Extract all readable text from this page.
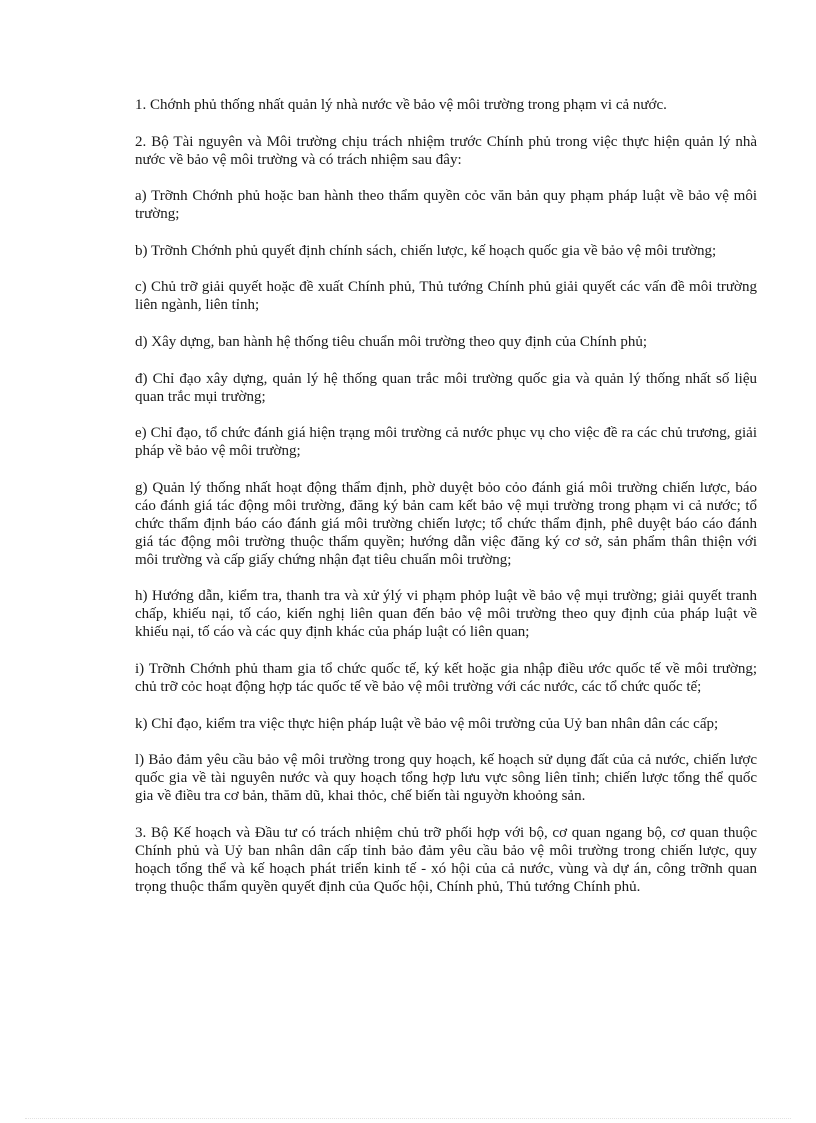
1. Chớnh phủ thống nhất quản lý nhà nước về bảo vệ môi trường trong phạm vi cả nước.

2. Bộ Tài nguyên và Môi trường chịu trách nhiệm trước Chính phủ trong việc thực hiện quản lý nhà nước về bảo vệ môi trường và có trách nhiệm sau đây:

a) Trỡnh Chớnh phủ hoặc ban hành theo thẩm quyền cỏc văn bản quy phạm pháp luật về bảo vệ môi trường;

b) Trỡnh Chớnh phủ quyết định chính sách, chiến lược, kế hoạch quốc gia về bảo vệ môi trường;

c) Chủ trỡ giải quyết hoặc đề xuất Chính phủ, Thủ tướng Chính phủ giải quyết các vấn đề môi trường liên ngành, liên tỉnh;

d) Xây dựng, ban hành hệ thống tiêu chuẩn môi trường theo quy định của Chính phủ;

đ) Chỉ đạo xây dựng, quản lý hệ thống quan trắc môi trường quốc gia và quản lý thống nhất số liệu quan trắc mụi trường;

e) Chỉ đạo, tổ chức đánh giá hiện trạng môi trường cả nước phục vụ cho việc đề ra các chủ trương, giải pháp về bảo vệ môi trường;

g) Quản lý thống nhất hoạt động thẩm định, phờ duyệt bỏo cỏo đánh giá môi trường chiến lược, báo cáo đánh giá tác động môi trường, đăng ký bản cam kết bảo vệ mụi trường trong phạm vi cả nước; tổ chức thẩm định báo cáo đánh giá môi trường chiến lược; tổ chức thẩm định, phê duyệt báo cáo đánh giá tác động môi trường thuộc thẩm quyền; hướng dẫn việc đăng ký cơ sở, sản phẩm thân thiện với môi trường và cấp giấy chứng nhận đạt tiêu chuẩn môi trường;

h) Hướng dẫn, kiểm tra, thanh tra và xử ýlý vi phạm phỏp luật về bảo vệ mụi trường; giải quyết tranh chấp, khiếu nại, tố cáo, kiến nghị liên quan đến bảo vệ môi trường theo quy định của pháp luật về khiếu nại, tố cáo và các quy định khác của pháp luật có liên quan;

i) Trỡnh Chớnh phủ tham gia tổ chức quốc tế, ký kết hoặc gia nhập điều ước quốc tế về môi trường; chủ trỡ cỏc hoạt động hợp tác quốc tế về bảo vệ môi trường với các nước, các tổ chức quốc tế;

k) Chỉ đạo, kiểm tra việc thực hiện pháp luật về bảo vệ môi trường của Uỷ ban nhân dân các cấp;

l) Bảo đảm yêu cầu bảo vệ môi trường trong quy hoạch, kế hoạch sử dụng đất của cả nước, chiến lược quốc gia về tài nguyên nước và quy hoạch tổng hợp lưu vực sông liên tỉnh; chiến lược tổng thể quốc gia về điều tra cơ bản, thăm dũ, khai thỏc, chế biến tài nguyờn khoỏng sản.

3. Bộ Kế hoạch và Đầu tư có trách nhiệm chủ trỡ phối hợp với bộ, cơ quan ngang bộ, cơ quan thuộc Chính phủ và Uỷ ban nhân dân cấp tỉnh bảo đảm yêu cầu bảo vệ môi trường trong chiến lược, quy hoạch tổng thể và kế hoạch phát triển kinh tế - xó hội của cả nước, vùng và dự án, công trỡnh quan trọng thuộc thẩm quyền quyết định của Quốc hội, Chính phủ, Thủ tướng Chính phủ.
